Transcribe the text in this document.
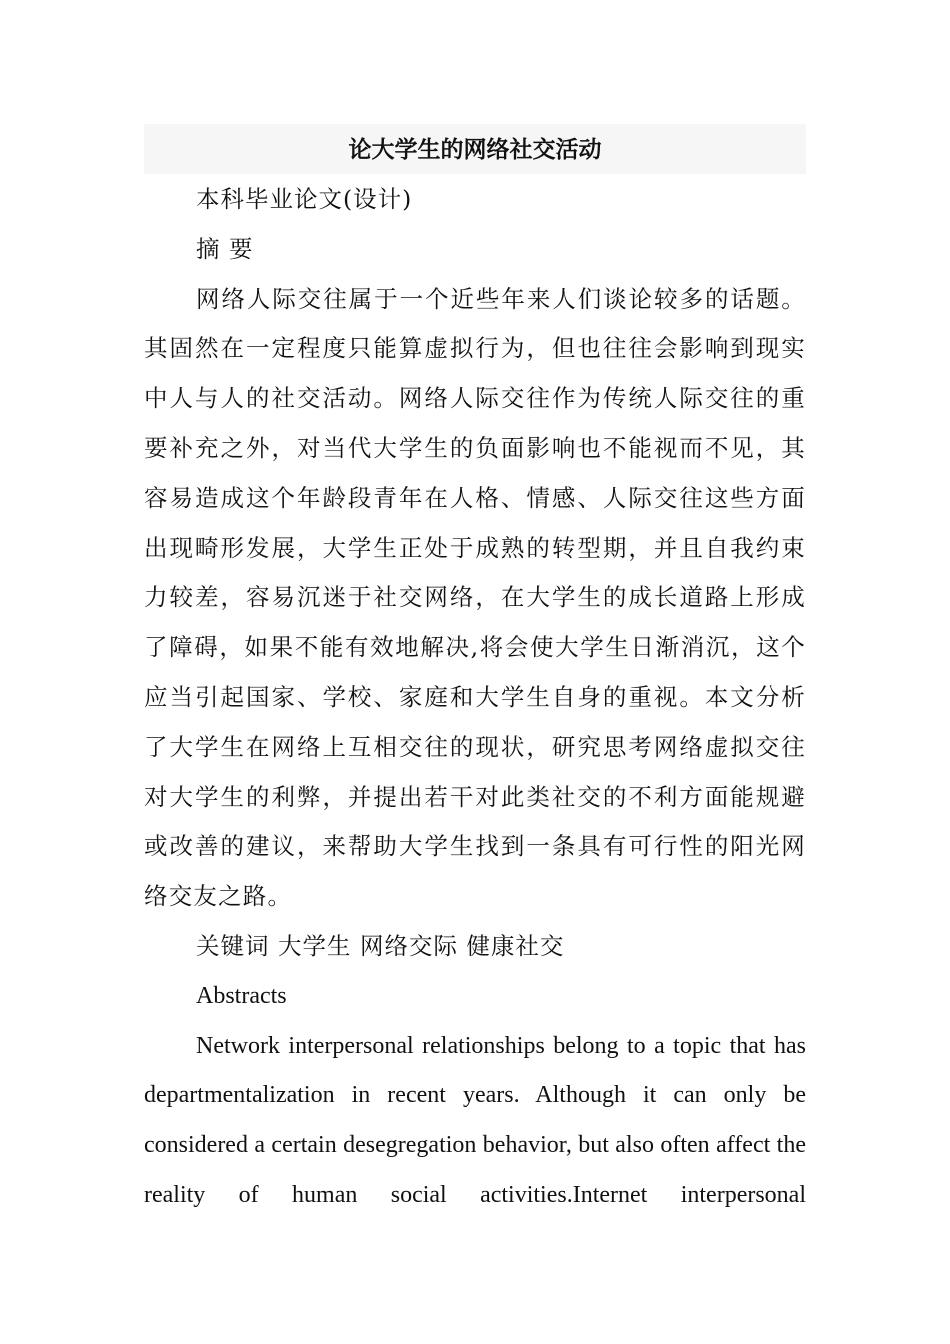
论大学生的网络社交活动

本科毕业论文(设计)

摘 要

网络人际交往属于一个近些年来人们谈论较多的话题。其固然在一定程度只能算虚拟行为，但也往往会影响到现实中人与人的社交活动。网络人际交往作为传统人际交往的重要补充之外，对当代大学生的负面影响也不能视而不见，其容易造成这个年龄段青年在人格、情感、人际交往这些方面出现畸形发展，大学生正处于成熟的转型期，并且自我约束力较差，容易沉迷于社交网络，在大学生的成长道路上形成了障碍，如果不能有效地解决,将会使大学生日渐消沉，这个应当引起国家、学校、家庭和大学生自身的重视。本文分析了大学生在网络上互相交往的现状，研究思考网络虚拟交往对大学生的利弊，并提出若干对此类社交的不利方面能规避或改善的建议，来帮助大学生找到一条具有可行性的阳光网络交友之路。

关键词 大学生 网络交际 健康社交

Abstracts

Network interpersonal relationships belong to a topic that has departmentalization in recent years. Although it can only be considered a certain desegregation behavior, but also often affect the reality of human social activities.Internet interpersonal
